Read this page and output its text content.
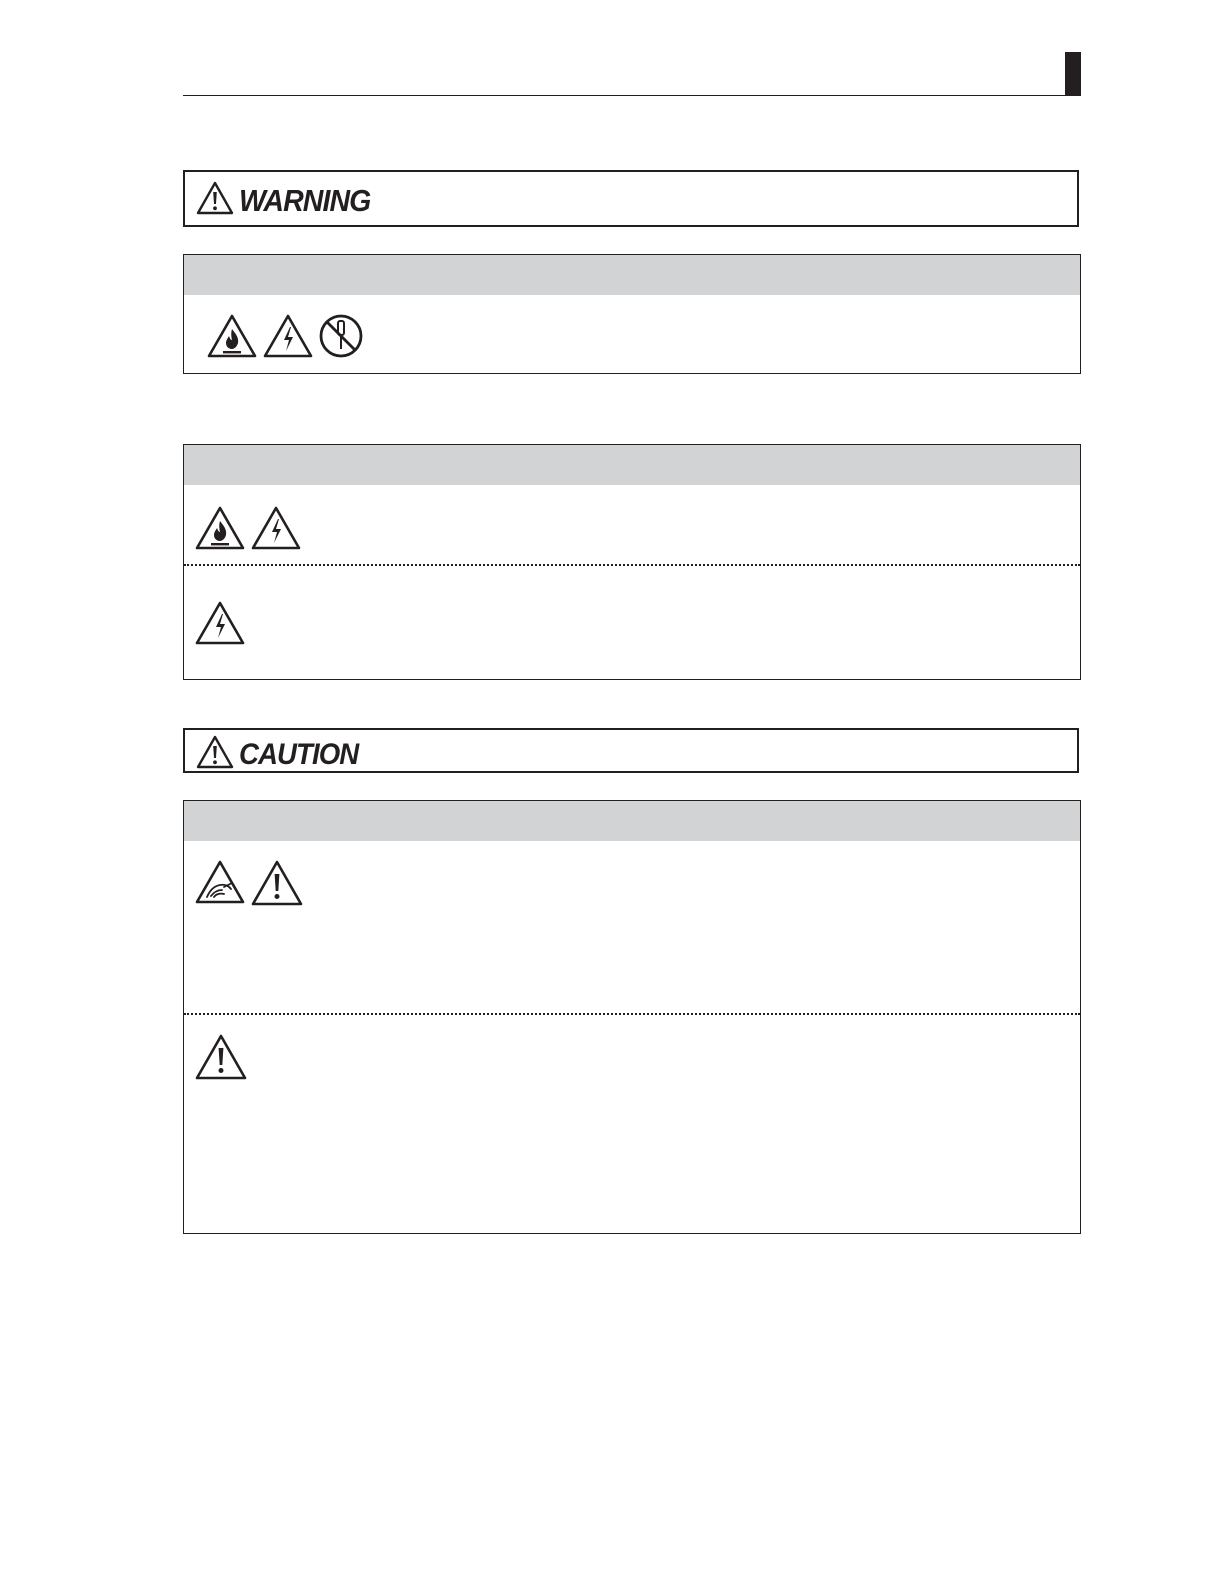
WARNING
CAUTION
